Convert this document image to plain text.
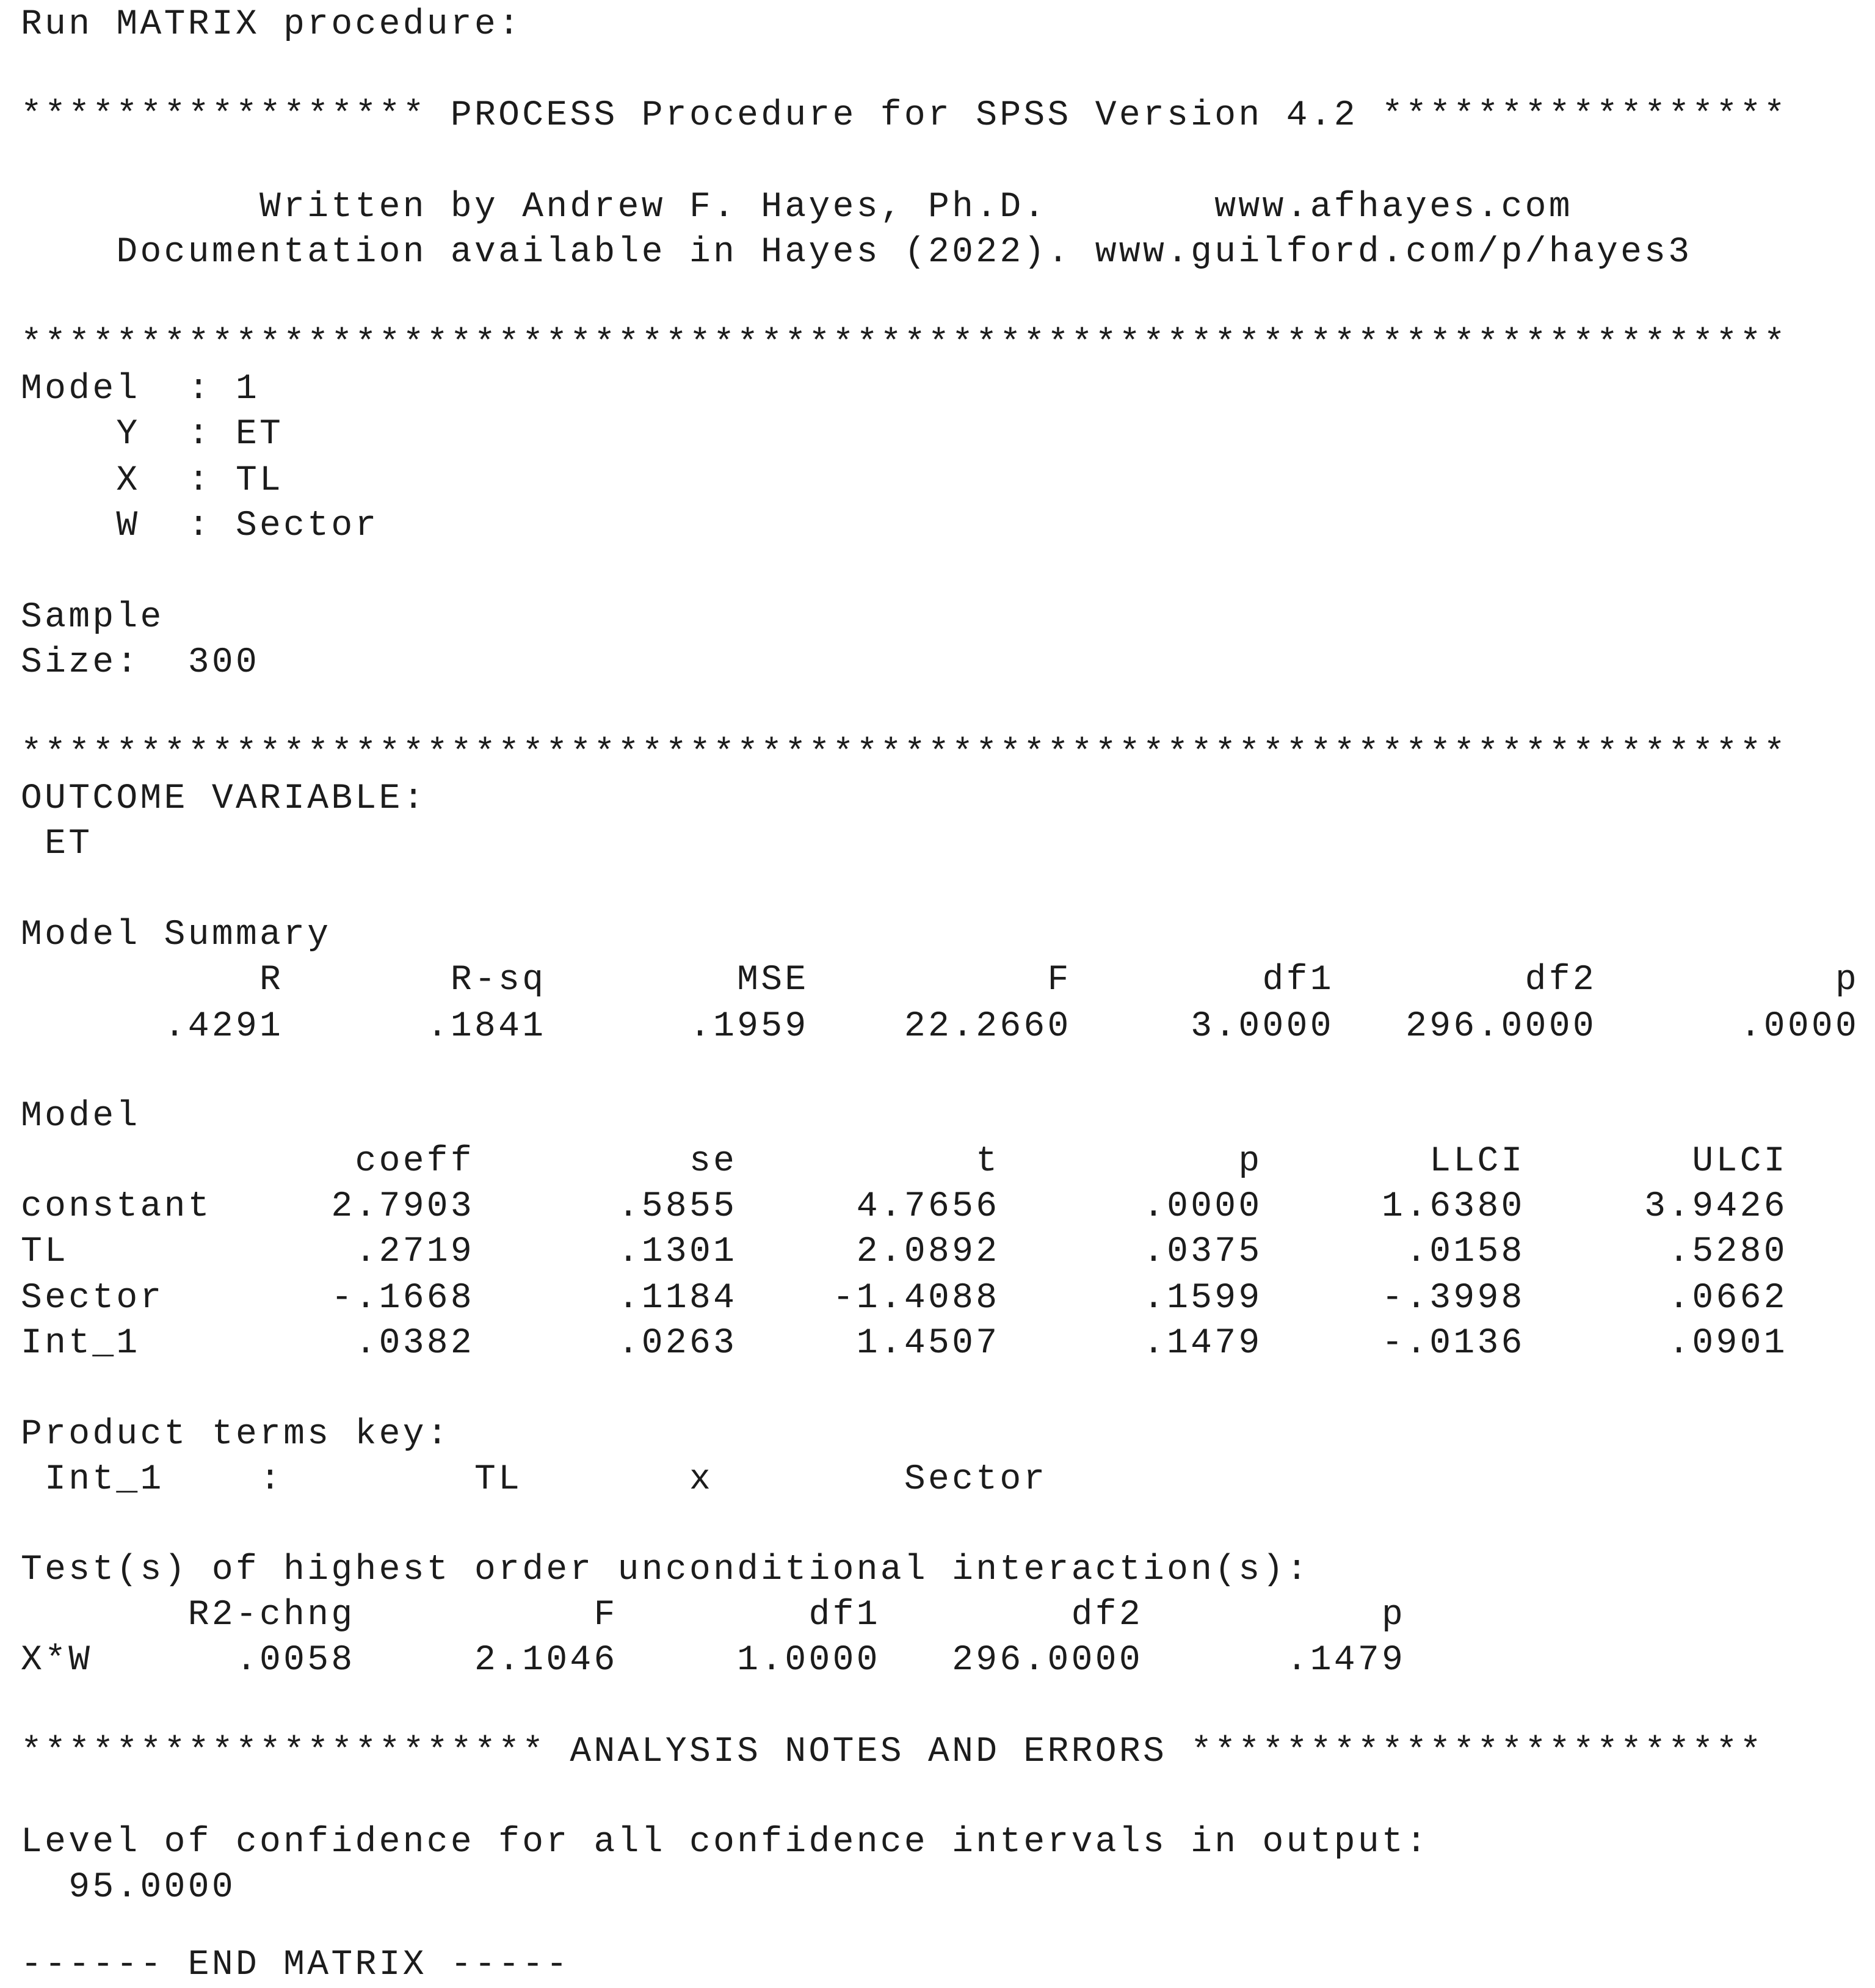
Run MATRIX procedure:
***************** PROCESS Procedure for SPSS Version 4.2 *****************
Written by Andrew F. Hayes, Ph.D.       www.afhayes.com
Documentation available in Hayes (2022). www.guilford.com/p/hayes3
**************************************************************************
Model  : 1
Y  : ET
X  : TL
W  : Sector
Sample
Size:  300
**************************************************************************
OUTCOME VARIABLE:
ET
Model Summary
R       R-sq        MSE          F        df1        df2          p
.4291      .1841      .1959    22.2660     3.0000   296.0000      .0000
Model
coeff         se          t          p       LLCI       ULCI
constant     2.7903      .5855     4.7656      .0000     1.6380     3.9426
TL            .2719      .1301     2.0892      .0375      .0158      .5280
Sector       -.1668      .1184    -1.4088      .1599     -.3998      .0662
Int_1         .0382      .0263     1.4507      .1479     -.0136      .0901
Product terms key:
Int_1    :        TL       x        Sector
Test(s) of highest order unconditional interaction(s):
R2-chng          F        df1        df2          p
X*W      .0058     2.1046     1.0000   296.0000      .1479
********************** ANALYSIS NOTES AND ERRORS ************************
Level of confidence for all confidence intervals in output:
95.0000
------ END MATRIX -----
